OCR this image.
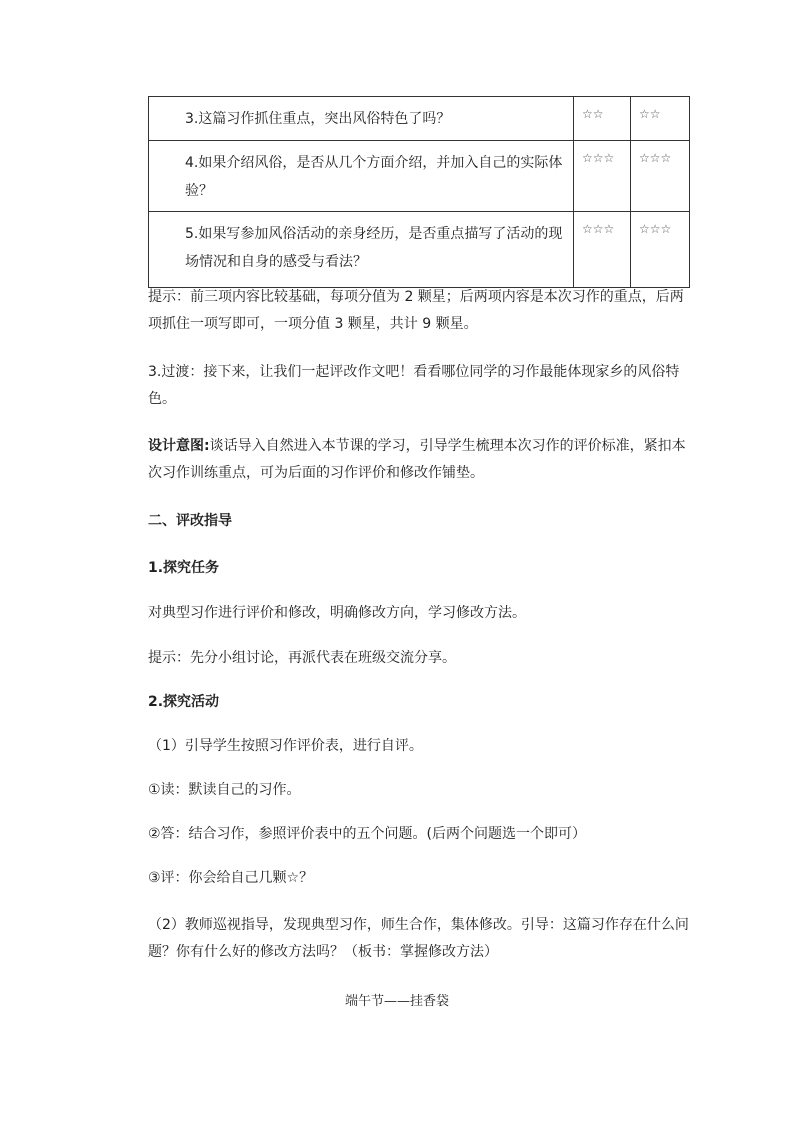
3.这篇习作抓住重点，突出风俗特色了吗？	☆☆	☆☆
4.如果介绍风俗，是否从几个方面介绍，并加入自己的实际体验？	☆☆☆	☆☆☆
5.如果写参加风俗活动的亲身经历，是否重点描写了活动的现场情况和自身的感受与看法？	☆☆☆	☆☆☆
提示：前三项内容比较基础，每项分值为 2 颗星；后两项内容是本次习作的重点，后两项抓住一项写即可，一项分值 3 颗星，共计 9 颗星。
3.过渡：接下来，让我们一起评改作文吧！看看哪位同学的习作最能体现家乡的风俗特色。
设计意图:谈话导入自然进入本节课的学习，引导学生梳理本次习作的评价标准，紧扣本次习作训练重点，可为后面的习作评价和修改作铺垫。
二、评改指导
1.探究任务
对典型习作进行评价和修改，明确修改方向，学习修改方法。
提示：先分小组讨论，再派代表在班级交流分享。
2.探究活动
（1）引导学生按照习作评价表，进行自评。
①读：默读自己的习作。
②答：结合习作，参照评价表中的五个问题。(后两个问题选一个即可）
③评：你会给自己几颗☆？
（2）教师巡视指导，发现典型习作，师生合作，集体修改。引导：这篇习作存在什么问题？你有什么好的修改方法吗？（板书：掌握修改方法）
端午节——挂香袋
